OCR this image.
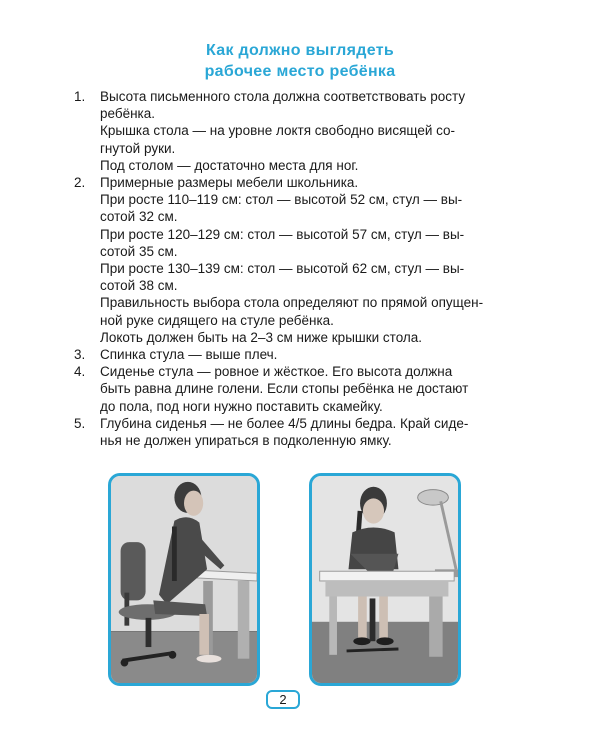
Как должно выглядеть
рабочее место ребёнка
1. Высота письменного стола должна соответствовать росту
ребёнка.
Крышка стола — на уровне локтя свободно висящей со-
гнутой руки.
Под столом — достаточно места для ног.
2. Примерные размеры мебели школьника.
При росте 110–119 см: стол — высотой 52 см, стул — вы-
сотой 32 см.
При росте 120–129 см: стол — высотой 57 см, стул — вы-
сотой 35 см.
При росте 130–139 см: стол — высотой 62 см, стул — вы-
сотой 38 см.
Правильность выбора стола определяют по прямой опущен-
ной руке сидящего на стуле ребёнка.
Локоть должен быть на 2–3 см ниже крышки стола.
3. Спинка стула — выше плеч.
4. Сиденье стула — ровное и жёсткое. Его высота должна
быть равна длине голени. Если стопы ребёнка не достают
до пола, под ноги нужно поставить скамейку.
5. Глубина сиденья — не более 4/5 длины бедра. Край сиде-
нья не должен упираться в подколенную ямку.
2
